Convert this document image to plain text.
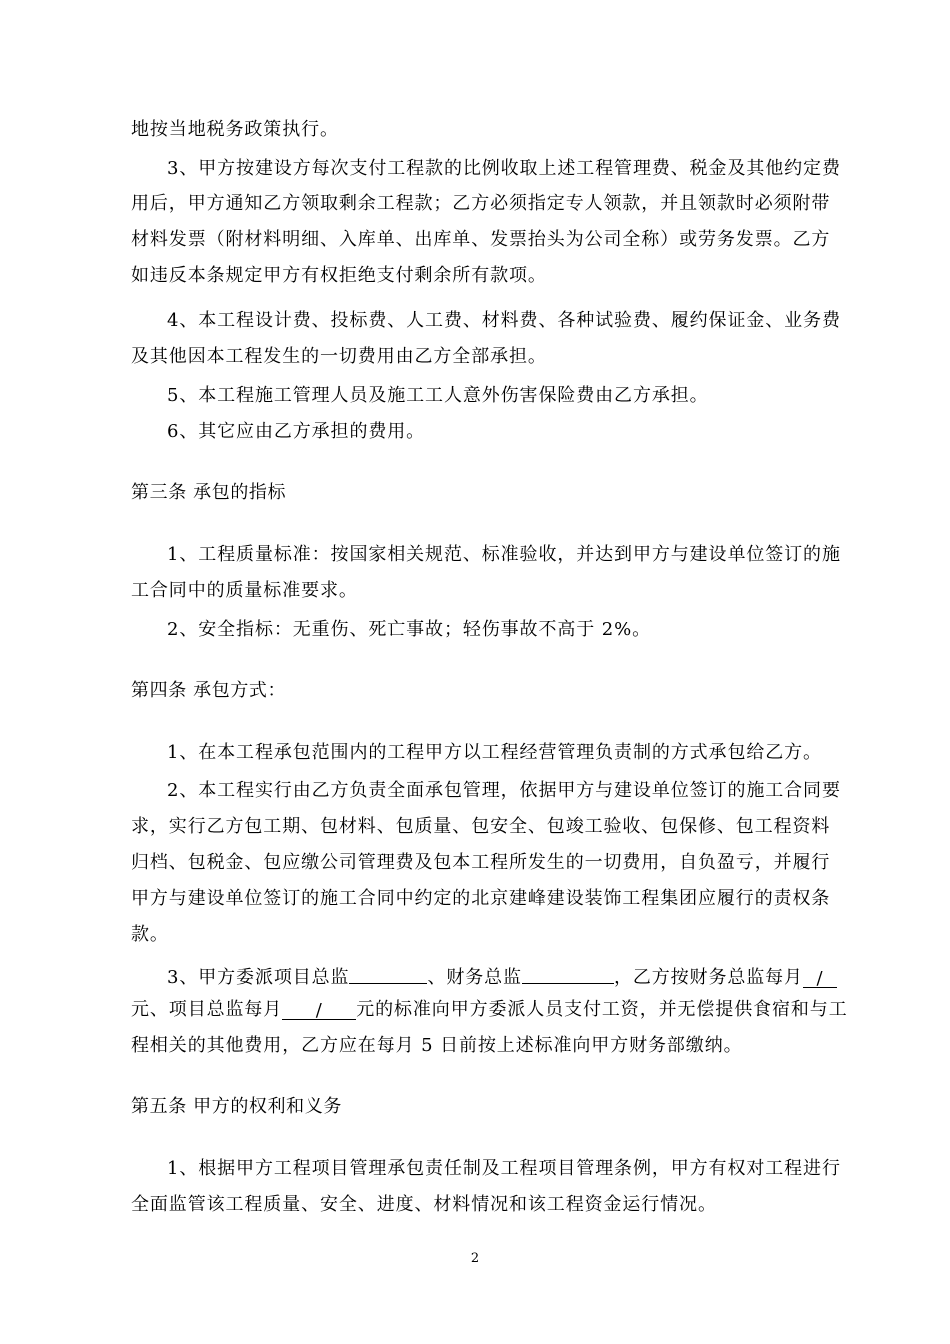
地按当地税务政策执行。
3、甲方按建设方每次支付工程款的比例收取上述工程管理费、税金及其他约定费
用后，甲方通知乙方领取剩余工程款；乙方必须指定专人领款，并且领款时必须附带
材料发票（附材料明细、入库单、出库单、发票抬头为公司全称）或劳务发票。乙方
如违反本条规定甲方有权拒绝支付剩余所有款项。
4、本工程设计费、投标费、人工费、材料费、各种试验费、履约保证金、业务费
及其他因本工程发生的一切费用由乙方全部承担。
5、本工程施工管理人员及施工工人意外伤害保险费由乙方承担。
6、其它应由乙方承担的费用。
第三条 承包的指标
1、工程质量标准：按国家相关规范、标准验收，并达到甲方与建设单位签订的施
工合同中的质量标准要求。
2、安全指标：无重伤、死亡事故；轻伤事故不高于 2%。
第四条 承包方式：
1、在本工程承包范围内的工程甲方以工程经营管理负责制的方式承包给乙方。
2、本工程实行由乙方负责全面承包管理，依据甲方与建设单位签订的施工合同要
求，实行乙方包工期、包材料、包质量、包安全、包竣工验收、包保修、包工程资料
归档、包税金、包应缴公司管理费及包本工程所发生的一切费用，自负盈亏，并履行
甲方与建设单位签订的施工合同中约定的北京建峰建设装饰工程集团应履行的责权条
款。
3、甲方委派项目总监	、财务总监	，乙方按财务总监每月 /
元、项目总监每月 / 元的标准向甲方委派人员支付工资，并无偿提供食宿和与工
程相关的其他费用，乙方应在每月 5 日前按上述标准向甲方财务部缴纳。
第五条 甲方的权利和义务
1、根据甲方工程项目管理承包责任制及工程项目管理条例，甲方有权对工程进行
全面监管该工程质量、安全、进度、材料情况和该工程资金运行情况。
2
